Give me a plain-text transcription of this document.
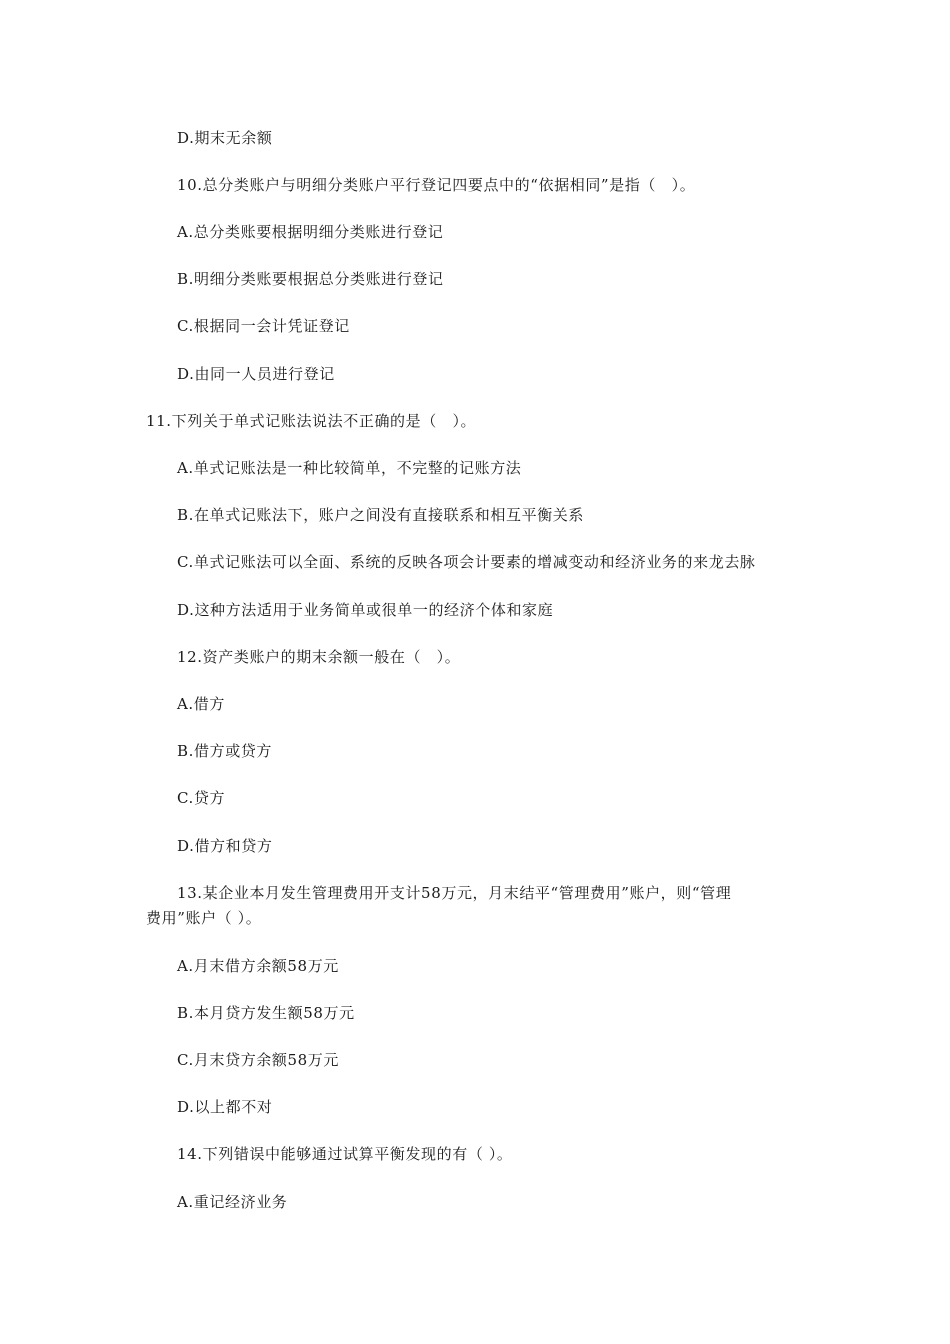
D.期末无余额
10.总分类账户与明细分类账户平行登记四要点中的“依据相同”是指（　）。
A.总分类账要根据明细分类账进行登记
B.明细分类账要根据总分类账进行登记
C.根据同一会计凭证登记
D.由同一人员进行登记
11.下列关于单式记账法说法不正确的是（　）。
A.单式记账法是一种比较简单，不完整的记账方法
B.在单式记账法下，账户之间没有直接联系和相互平衡关系
C.单式记账法可以全面、系统的反映各项会计要素的增减变动和经济业务的来龙去脉
D.这种方法适用于业务简单或很单一的经济个体和家庭
12.资产类账户的期末余额一般在（　）。
A.借方
B.借方或贷方
C.贷方
D.借方和贷方
13.某企业本月发生管理费用开支计58万元，月末结平“管理费用”账户，则“管理
费用”账户（ ）。
A.月末借方余额58万元
B.本月贷方发生额58万元
C.月末贷方余额58万元
D.以上都不对
14.下列错误中能够通过试算平衡发现的有（ ）。
A.重记经济业务
